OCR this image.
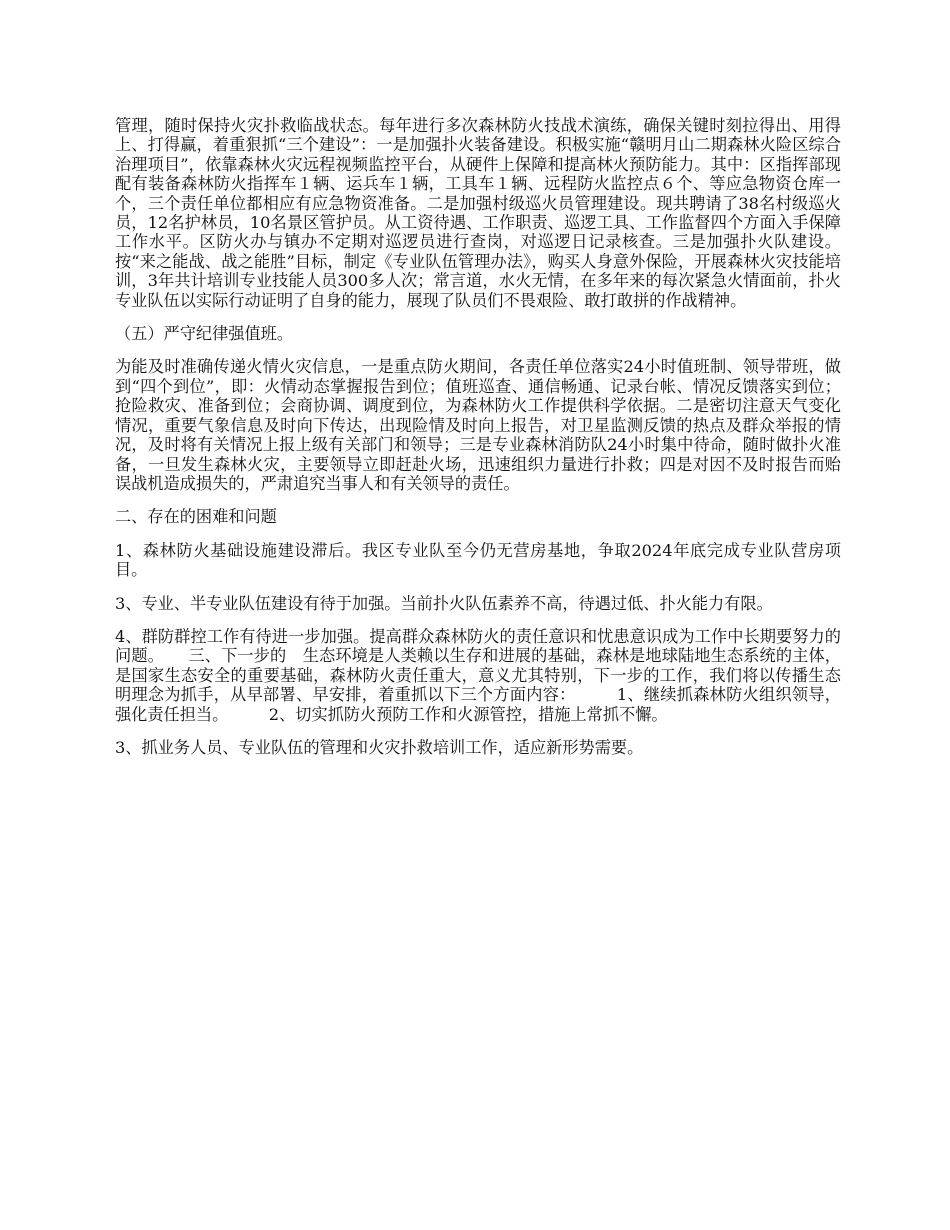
管理，随时保持火灾扑救临战状态。每年进行多次森林防火技战术演练，确保关键时刻拉得出、用得上、打得赢，着重狠抓“三个建设”：一是加强扑火装备建设。积极实施“赣明月山二期森林火险区综合治理项目”，依靠森林火灾远程视频监控平台，从硬件上保障和提高林火预防能力。其中：区指挥部现配有装备森林防火指挥车１辆、运兵车１辆，工具车１辆、远程防火监控点６个、等应急物资仓库一个，三个责任单位都相应有应急物资准备。二是加强村级巡火员管理建设。现共聘请了38名村级巡火员，12名护林员，10名景区管护员。从工资待遇、工作职责、巡逻工具、工作监督四个方面入手保障工作水平。区防火办与镇办不定期对巡逻员进行查岗，对巡逻日记录核查。三是加强扑火队建设。按“来之能战、战之能胜”目标，制定《专业队伍管理办法》，购买人身意外保险，开展森林火灾技能培训，3年共计培训专业技能人员300多人次；常言道，水火无情，在多年来的每次紧急火情面前，扑火专业队伍以实际行动证明了自身的能力，展现了队员们不畏艰险、敢打敢拼的作战精神。

（五）严守纪律强值班。

为能及时准确传递火情火灾信息，一是重点防火期间，各责任单位落实24小时值班制、领导带班，做到“四个到位”，即：火情动态掌握报告到位；值班巡查、通信畅通、记录台帐、情况反馈落实到位；抢险救灾、准备到位；会商协调、调度到位，为森林防火工作提供科学依据。二是密切注意天气变化情况，重要气象信息及时向下传达，出现险情及时向上报告，对卫星监测反馈的热点及群众举报的情况，及时将有关情况上报上级有关部门和领导；三是专业森林消防队24小时集中待命，随时做扑火准备，一旦发生森林火灾，主要领导立即赶赴火场，迅速组织力量进行扑救；四是对因不及时报告而贻误战机造成损失的，严肃追究当事人和有关领导的责任。

二、存在的困难和问题

1、森林防火基础设施建设滞后。我区专业队至今仍无营房基地，争取2024年底完成专业队营房项目。

3、专业、半专业队伍建设有待于加强。当前扑火队伍素养不高，待遇过低、扑火能力有限。

4、群防群控工作有待进一步加强。提高群众森林防火的责任意识和忧患意识成为工作中长期要努力的问题。　　三、下一步的　生态环境是人类赖以生存和进展的基础，森林是地球陆地生态系统的主体，是国家生态安全的重要基础，森林防火责任重大，意义尤其特别，下一步的工作，我们将以传播生态明理念为抓手，从早部署、早安排，着重抓以下三个方面内容：　　　1、继续抓森林防火组织领导，强化责任担当。　　　2、切实抓防火预防工作和火源管控，措施上常抓不懈。

3、抓业务人员、专业队伍的管理和火灾扑救培训工作，适应新形势需要。
